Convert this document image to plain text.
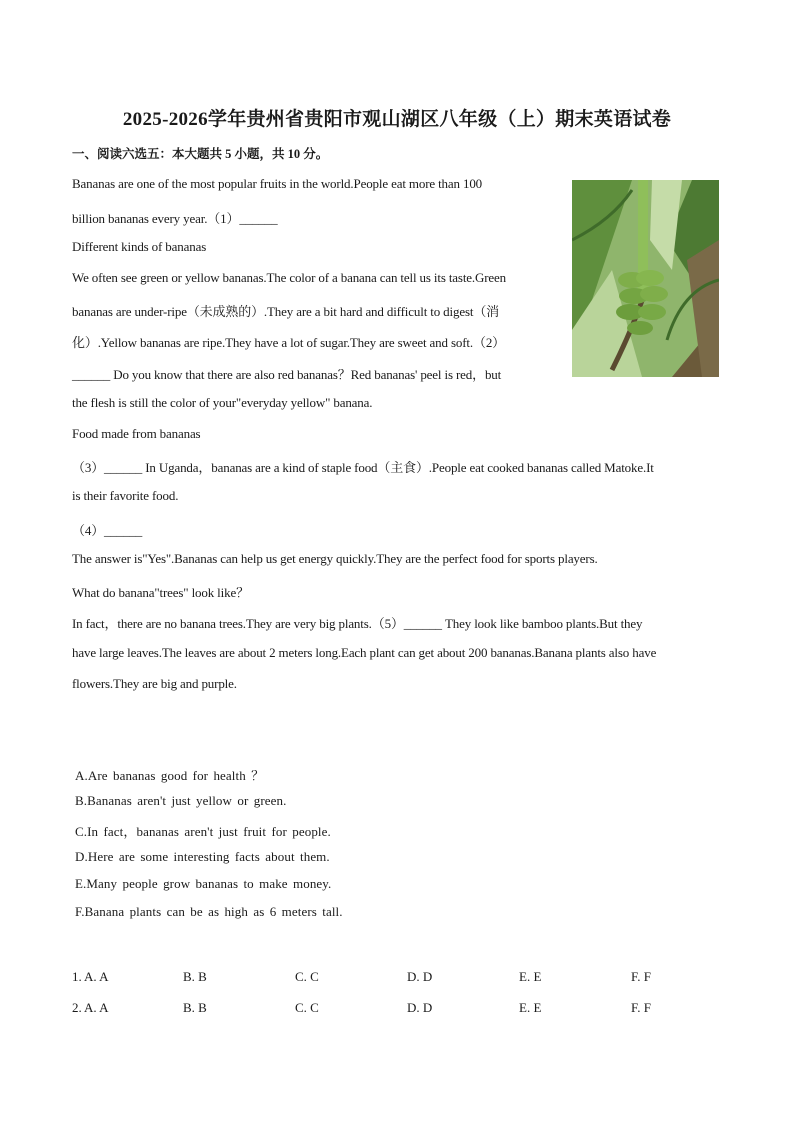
2025-2026学年贵州省贵阳市观山湖区八年级（上）期末英语试卷
一、阅读六选五：本大题共 5 小题，共 10 分。
Bananas are one of the most popular fruits in the world.People eat more than 100
billion bananas every year.（1）______
Different kinds of bananas
We often see green or yellow bananas.The color of a banana can tell us its taste.Green
bananas are under-ripe（未成熟的）.They are a bit hard and difficult to digest（消
化）.Yellow bananas are ripe.They have a lot of sugar.They are sweet and soft.（2）
______ Do you know that there are also red bananas？Red bananas' peel is red，but
the flesh is still the color of your"everyday yellow" banana.
Food made from bananas
（3）______ In Uganda，bananas are a kind of staple food（主食）.People eat cooked bananas called Matoke.It
is their favorite food.
（4）______
The answer is"Yes".Bananas can help us get energy quickly.They are the perfect food for sports players.
What do banana"trees" look like？
In fact，there are no banana trees.They are very big plants.（5）______ They look like bamboo plants.But they
have large leaves.The leaves are about 2 meters long.Each plant can get about 200 bananas.Banana plants also have
flowers.They are big and purple.
A.Are bananas good for health ？
B.Bananas aren't just yellow or green.
C.In fact，bananas aren't just fruit for people.
D.Here are some interesting facts about them.
E.Many people grow bananas to make money.
F.Banana plants can be as high as 6 meters tall.
1. A. A	B. B	C. C	D. D	E. E	F. F
2. A. A	B. B	C. C	D. D	E. E	F. F
